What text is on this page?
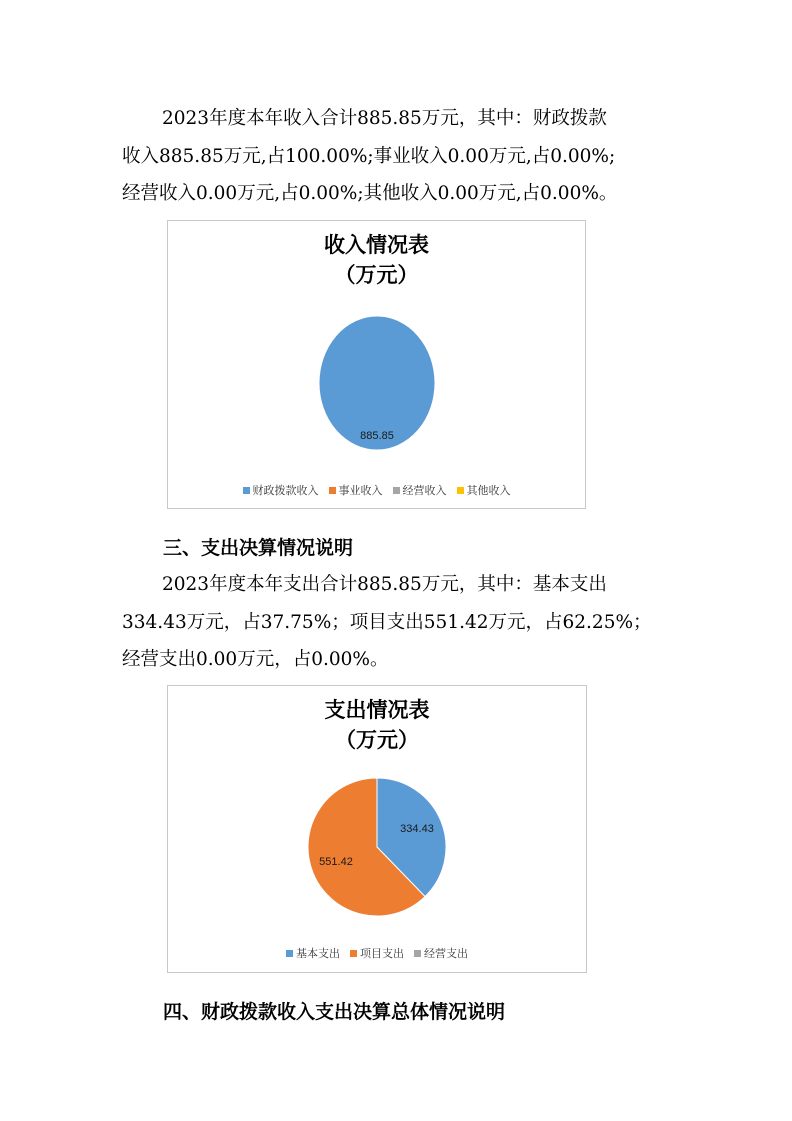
2023年度本年收入合计885.85万元，其中：财政拨款
收入885.85万元,占100.00%;事业收入0.00万元,占0.00%;
经营收入0.00万元,占0.00%;其他收入0.00万元,占0.00%。
收入情况表
（万元）
885.85
财政拨款收入 事业收入 经营收入 其他收入
三、支出决算情况说明
2023年度本年支出合计885.85万元，其中：基本支出
334.43万元，占37.75%；项目支出551.42万元，占62.25%；
经营支出0.00万元，占0.00%。
支出情况表
（万元）
334.43
551.42
基本支出 项目支出 经营支出
四、财政拨款收入支出决算总体情况说明
